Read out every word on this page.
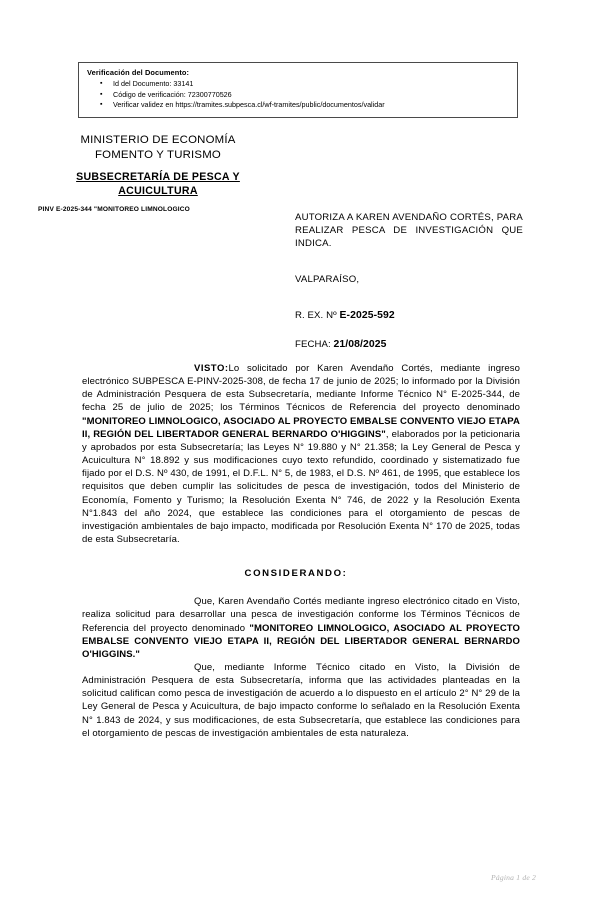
Verificación del Documento:
▪ Id del Documento: 33141
▪ Código de verificación: 72300770526
▪ Verificar validez en https://tramites.subpesca.cl/wf-tramites/public/documentos/validar
MINISTERIO DE ECONOMÍA
FOMENTO Y TURISMO
SUBSECRETARÍA DE PESCA Y
ACUICULTURA
PINV E-2025-344 "MONITOREO LIMNOLOGICO
AUTORIZA A KAREN AVENDAÑO CORTÉS, PARA REALIZAR PESCA DE INVESTIGACIÓN QUE INDICA.
VALPARAÍSO,
R. EX. Nº E-2025-592
FECHA: 21/08/2025

VISTO:Lo solicitado por Karen Avendaño Cortés, mediante ingreso electrónico SUBPESCA E-PINV-2025-308, de fecha 17 de junio de 2025; lo informado por la División de Administración Pesquera de esta Subsecretaría, mediante Informe Técnico N° E-2025-344, de fecha 25 de julio de 2025; los Términos Técnicos de Referencia del proyecto denominado "MONITOREO LIMNOLOGICO, ASOCIADO AL PROYECTO EMBALSE CONVENTO VIEJO ETAPA II, REGIÓN DEL LIBERTADOR GENERAL BERNARDO O'HIGGINS", elaborados por la peticionaria y aprobados por esta Subsecretaría; las Leyes N° 19.880 y N° 21.358; la Ley General de Pesca y Acuicultura N° 18.892 y sus modificaciones cuyo texto refundido, coordinado y sistematizado fue fijado por el D.S. Nº 430, de 1991, el D.F.L. N° 5, de 1983, el D.S. Nº 461, de 1995, que establece los requisitos que deben cumplir las solicitudes de pesca de investigación, todos del Ministerio de Economía, Fomento y Turismo; la Resolución Exenta N° 746, de 2022 y la Resolución Exenta N°1.843 del año 2024, que establece las condiciones para el otorgamiento de pescas de investigación ambientales de bajo impacto, modificada por Resolución Exenta N° 170 de 2025, todas de esta Subsecretaría.

CONSIDERANDO:

Que, Karen Avendaño Cortés mediante ingreso electrónico citado en Visto, realiza solicitud para desarrollar una pesca de investigación conforme los Términos Técnicos de Referencia del proyecto denominado "MONITOREO LIMNOLOGICO, ASOCIADO AL PROYECTO EMBALSE CONVENTO VIEJO ETAPA II, REGIÓN DEL LIBERTADOR GENERAL BERNARDO O'HIGGINS."

Que, mediante Informe Técnico citado en Visto, la División de Administración Pesquera de esta Subsecretaría, informa que las actividades planteadas en la solicitud califican como pesca de investigación de acuerdo a lo dispuesto en el artículo 2° N° 29 de la Ley General de Pesca y Acuicultura, de bajo impacto conforme lo señalado en la Resolución Exenta N° 1.843 de 2024, y sus modificaciones, de esta Subsecretaría, que establece las condiciones para el otorgamiento de pescas de investigación ambientales de esta naturaleza.

Página 1 de 2
